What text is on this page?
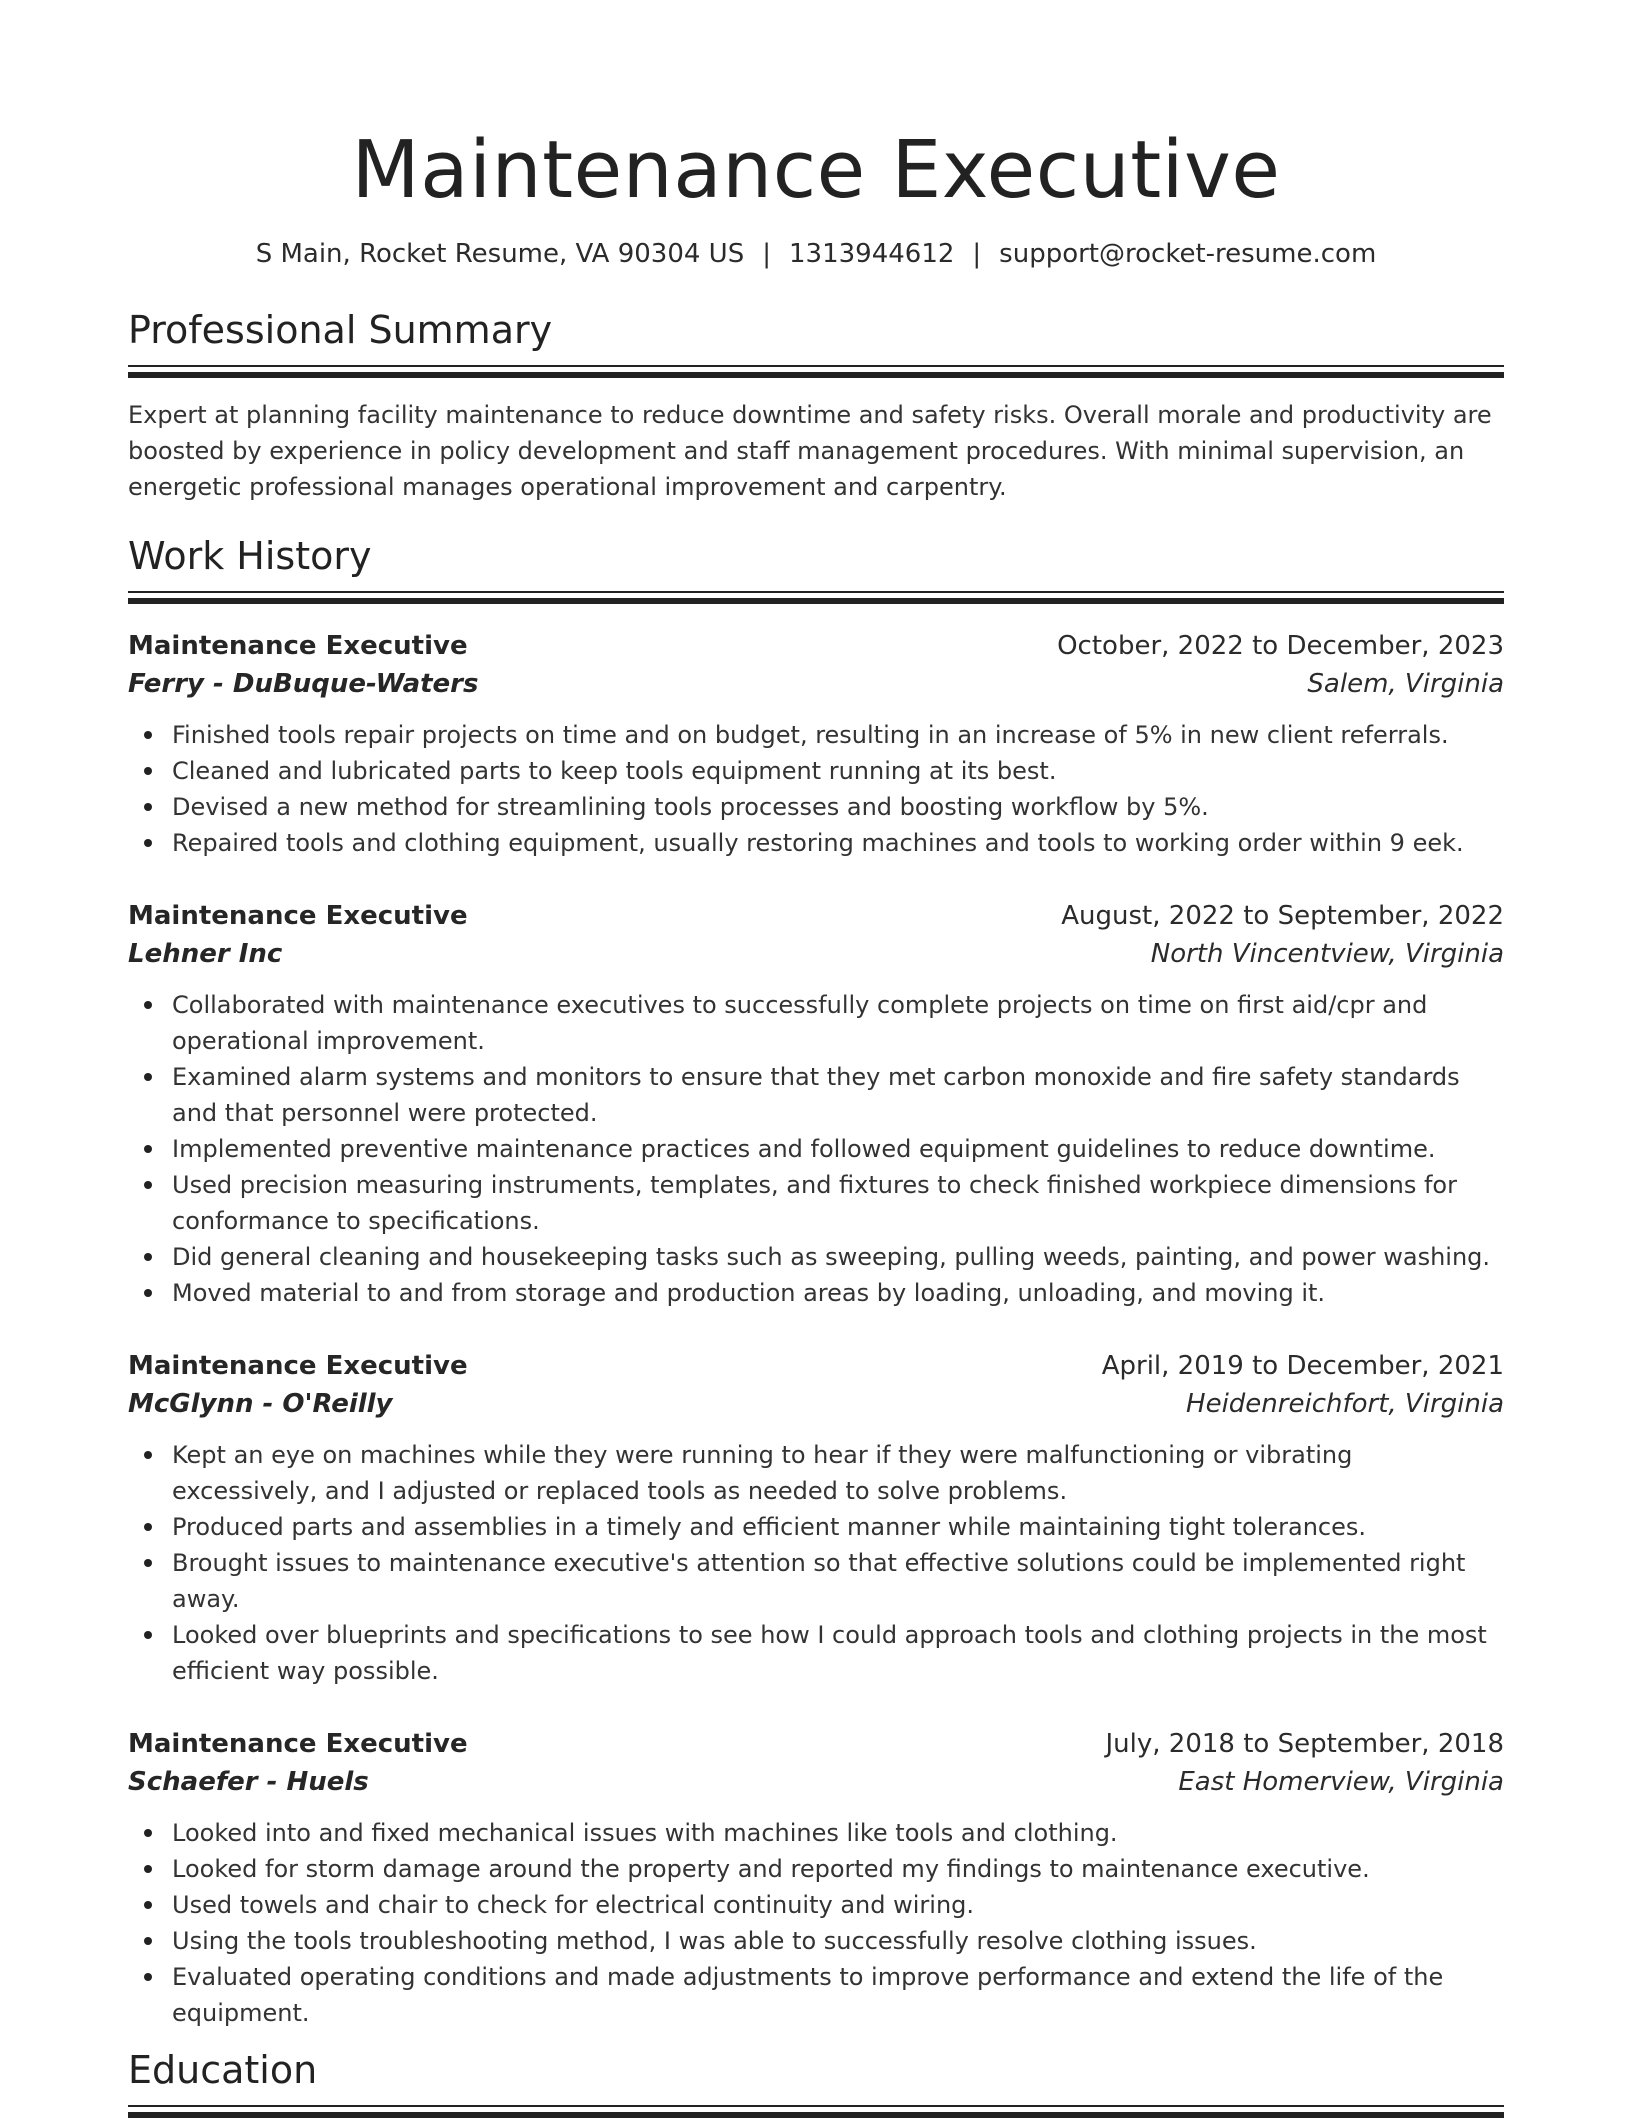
Maintenance Executive
S Main, Rocket Resume, VA 90304 US | 1313944612 | support@rocket-resume.com
Professional Summary

Expert at planning facility maintenance to reduce downtime and safety risks. Overall morale and productivity are boosted by experience in policy development and staff management procedures. With minimal supervision, an energetic professional manages operational improvement and carpentry.

Work History
Maintenance Executive	October, 2022 to December, 2023
Ferry - DuBuque-Waters	Salem, Virginia
Finished tools repair projects on time and on budget, resulting in an increase of 5% in new client referrals.
Cleaned and lubricated parts to keep tools equipment running at its best.
Devised a new method for streamlining tools processes and boosting workflow by 5%.
Repaired tools and clothing equipment, usually restoring machines and tools to working order within 9 eek.
Maintenance Executive	August, 2022 to September, 2022
Lehner Inc	North Vincentview, Virginia
Collaborated with maintenance executives to successfully complete projects on time on first aid/cpr and operational improvement.
Examined alarm systems and monitors to ensure that they met carbon monoxide and fire safety standards and that personnel were protected.
Implemented preventive maintenance practices and followed equipment guidelines to reduce downtime.
Used precision measuring instruments, templates, and fixtures to check finished workpiece dimensions for conformance to specifications.
Did general cleaning and housekeeping tasks such as sweeping, pulling weeds, painting, and power washing.
Moved material to and from storage and production areas by loading, unloading, and moving it.
Maintenance Executive	April, 2019 to December, 2021
McGlynn - O'Reilly	Heidenreichfort, Virginia
Kept an eye on machines while they were running to hear if they were malfunctioning or vibrating excessively, and I adjusted or replaced tools as needed to solve problems.
Produced parts and assemblies in a timely and efficient manner while maintaining tight tolerances.
Brought issues to maintenance executive's attention so that effective solutions could be implemented right away.
Looked over blueprints and specifications to see how I could approach tools and clothing projects in the most efficient way possible.
Maintenance Executive	July, 2018 to September, 2018
Schaefer - Huels	East Homerview, Virginia
Looked into and fixed mechanical issues with machines like tools and clothing.
Looked for storm damage around the property and reported my findings to maintenance executive.
Used towels and chair to check for electrical continuity and wiring.
Using the tools troubleshooting method, I was able to successfully resolve clothing issues.
Evaluated operating conditions and made adjustments to improve performance and extend the life of the equipment.
Education
